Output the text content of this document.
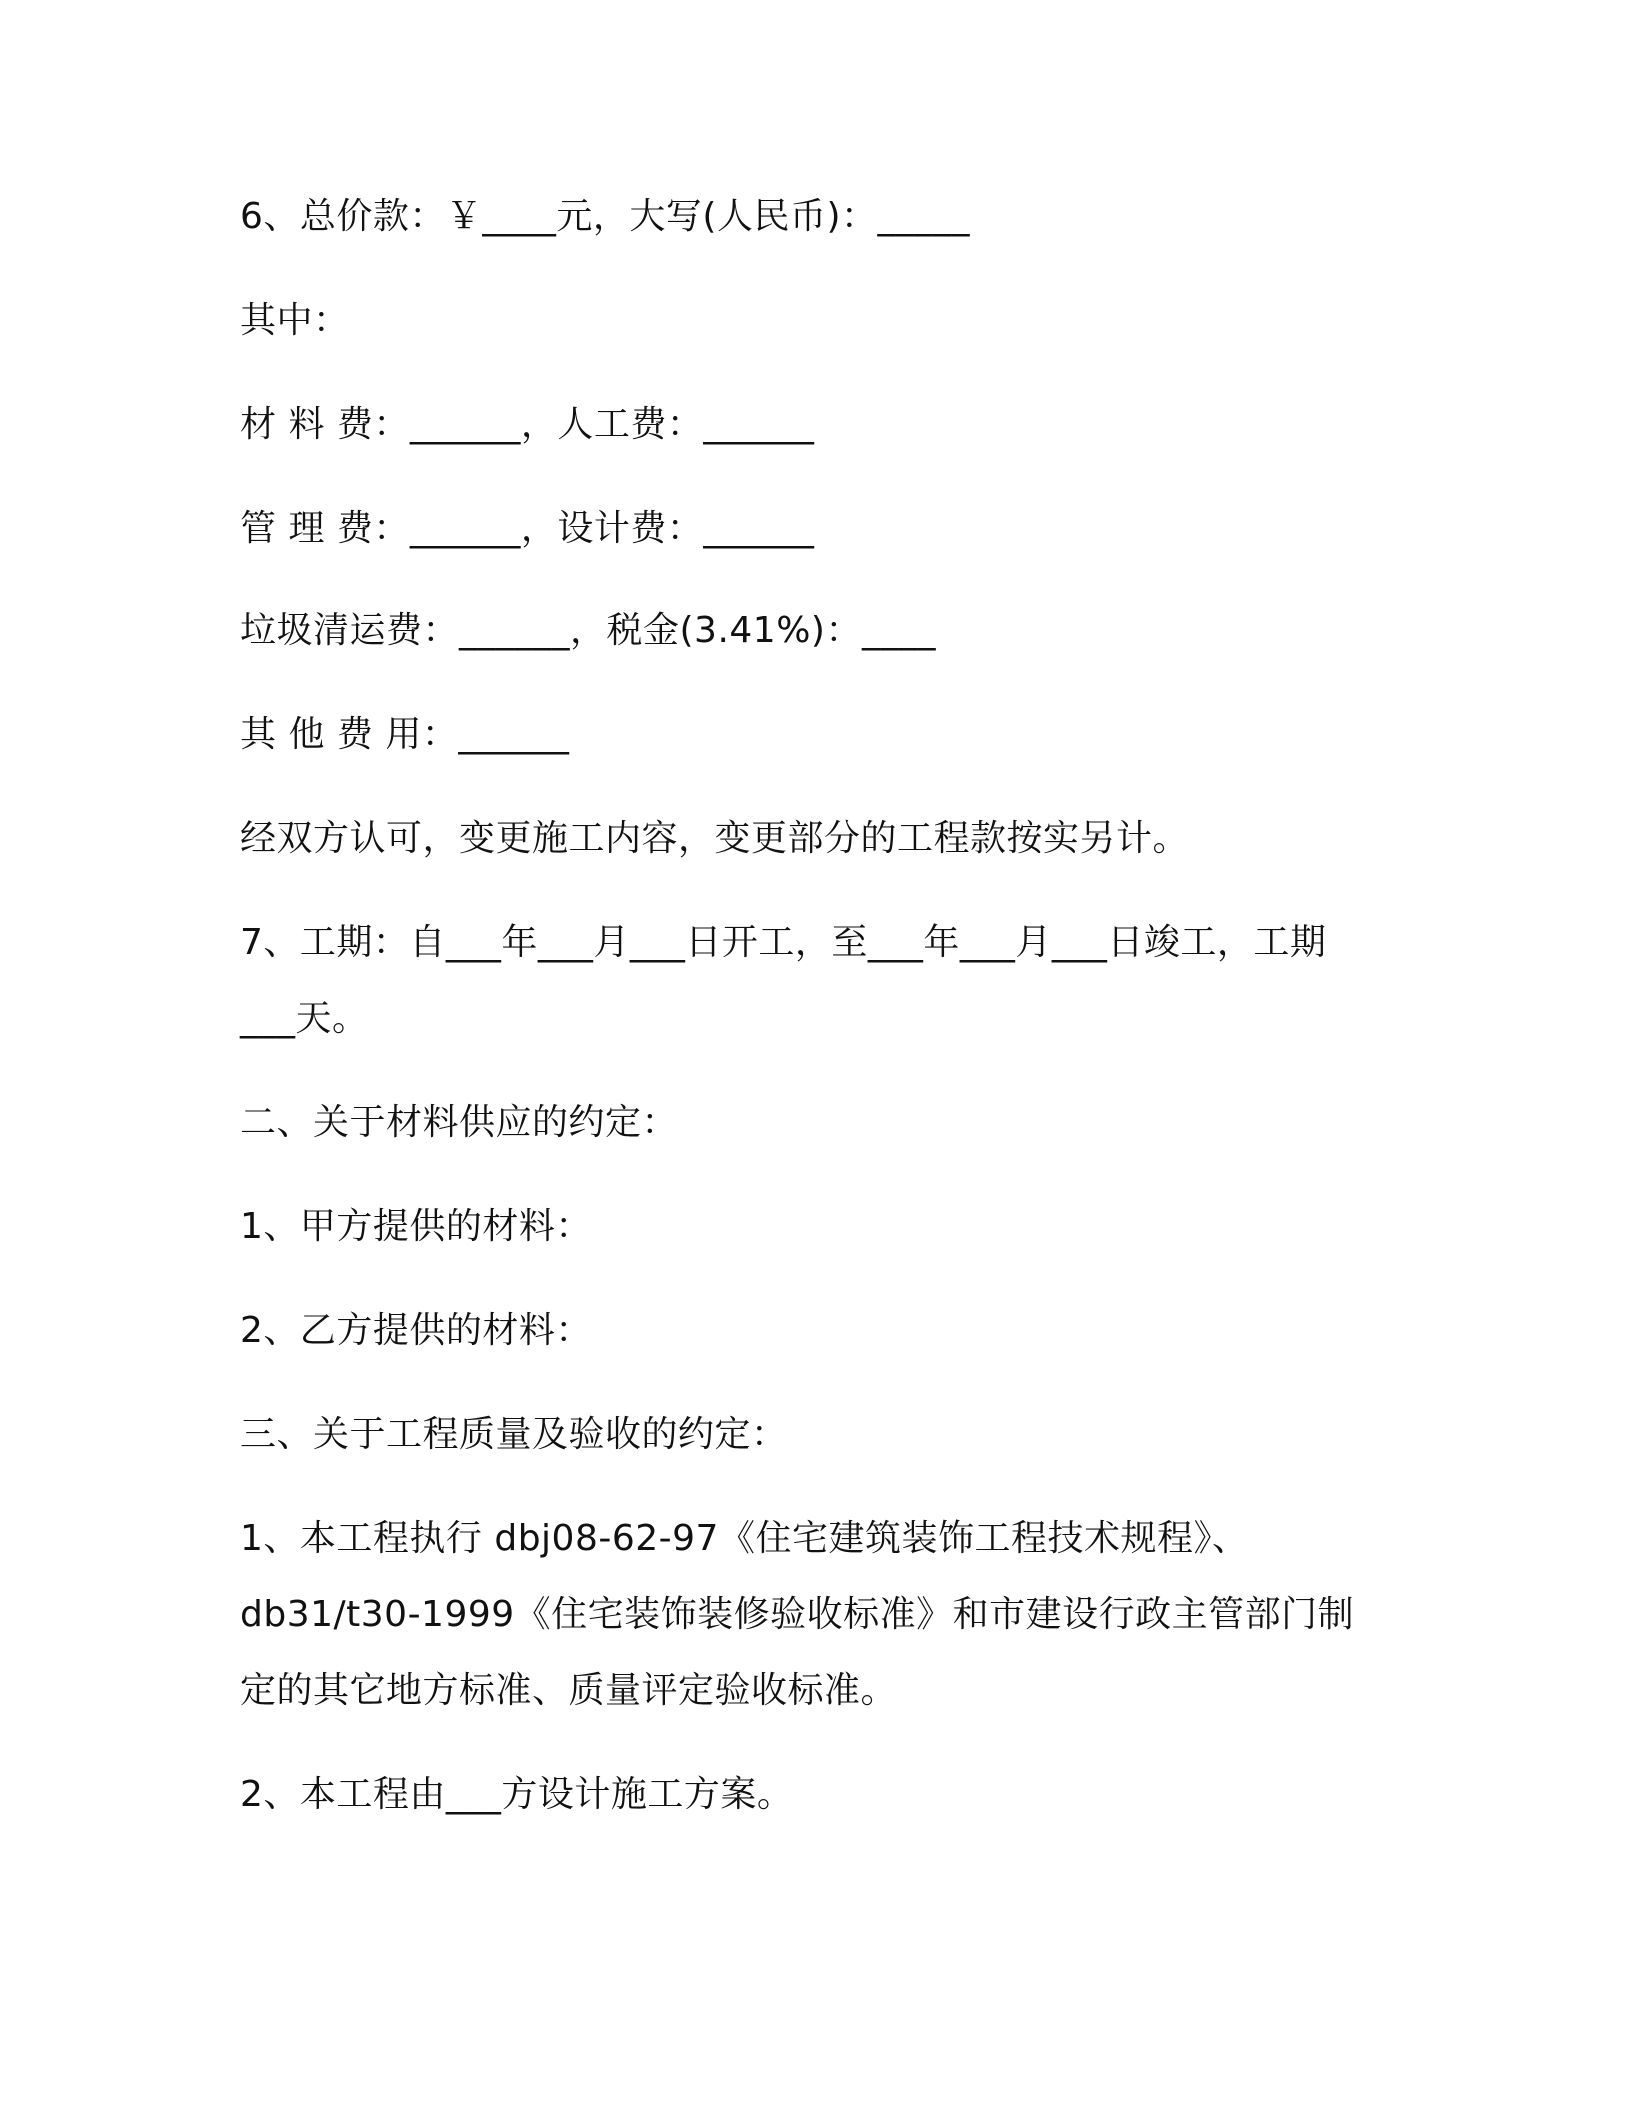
6、总价款：￥____元，大写(人民币)：_____
其中：
材 料 费：______，人工费：______
管 理 费：______，设计费：______
垃圾清运费：______，税金(3.41%)：____
其 他 费 用：______
经双方认可，变更施工内容，变更部分的工程款按实另计。
7、工期：自___年___月___日开工，至___年___月___日竣工，工期
___天。
二、关于材料供应的约定：
1、甲方提供的材料：
2、乙方提供的材料：
三、关于工程质量及验收的约定：
1、本工程执行 dbj08-62-97《住宅建筑装饰工程技术规程》、
db31/t30-1999《住宅装饰装修验收标准》和市建设行政主管部门制
定的其它地方标准、质量评定验收标准。
2、本工程由___方设计施工方案。
